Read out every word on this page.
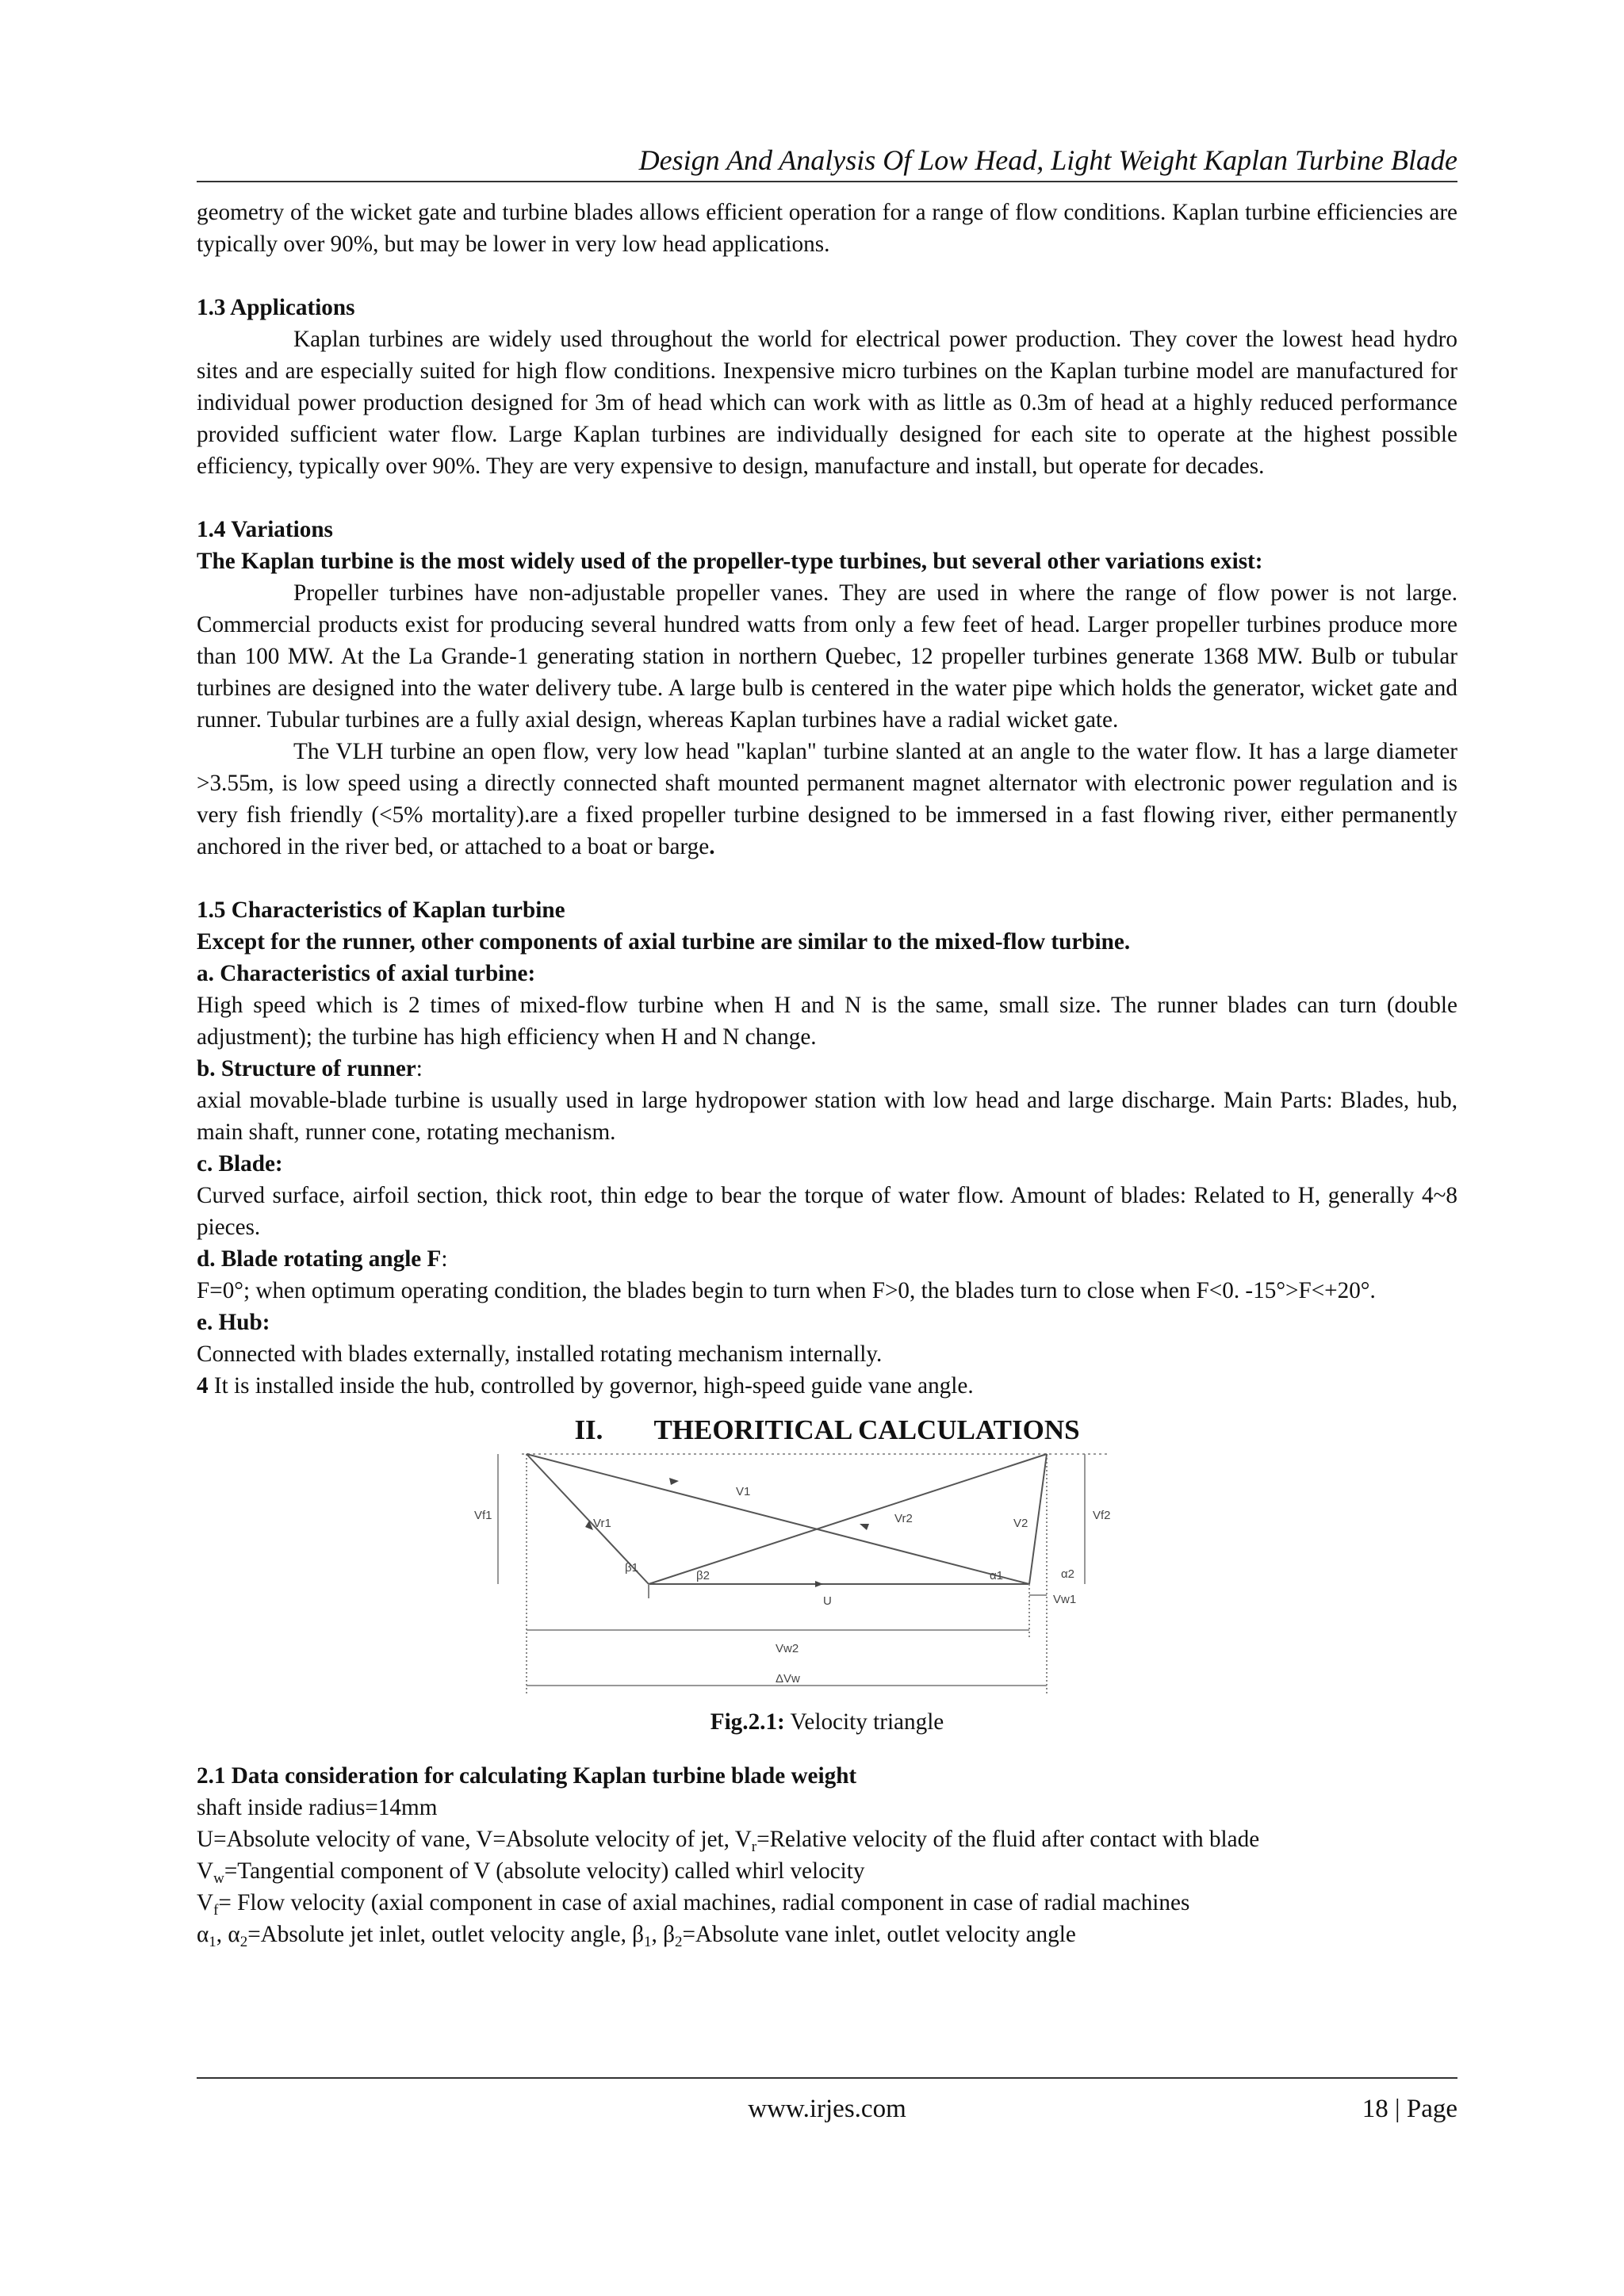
Design And Analysis Of Low Head, Light Weight Kaplan Turbine Blade

geometry of the wicket gate and turbine blades allows efficient operation for a range of flow conditions. Kaplan turbine efficiencies are typically over 90%, but may be lower in very low head applications.

1.3 Applications

Kaplan turbines are widely used throughout the world for electrical power production. They cover the lowest head hydro sites and are especially suited for high flow conditions. Inexpensive micro turbines on the Kaplan turbine model are manufactured for individual power production designed for 3m of head which can work with as little as 0.3m of head at a highly reduced performance provided sufficient water flow. Large Kaplan turbines are individually designed for each site to operate at the highest possible efficiency, typically over 90%. They are very expensive to design, manufacture and install, but operate for decades.

1.4 Variations

The Kaplan turbine is the most widely used of the propeller-type turbines, but several other variations exist:

Propeller turbines have non-adjustable propeller vanes. They are used in where the range of flow power is not large. Commercial products exist for producing several hundred watts from only a few feet of head. Larger propeller turbines produce more than 100 MW. At the La Grande-1 generating station in northern Quebec, 12 propeller turbines generate 1368 MW. Bulb or tubular turbines are designed into the water delivery tube. A large bulb is centered in the water pipe which holds the generator, wicket gate and runner. Tubular turbines are a fully axial design, whereas Kaplan turbines have a radial wicket gate.

The VLH turbine an open flow, very low head "kaplan" turbine slanted at an angle to the water flow. It has a large diameter >3.55m, is low speed using a directly connected shaft mounted permanent magnet alternator with electronic power regulation and is very fish friendly (<5% mortality).are a fixed propeller turbine designed to be immersed in a fast flowing river, either permanently anchored in the river bed, or attached to a boat or barge.

1.5 Characteristics of Kaplan turbine

Except for the runner, other components of axial turbine are similar to the mixed-flow turbine.

a. Characteristics of axial turbine:

High speed which is 2 times of mixed-flow turbine when H and N is the same, small size. The runner blades can turn (double adjustment); the turbine has high efficiency when H and N change.

b. Structure of runner:

axial movable-blade turbine is usually used in large hydropower station with low head and large discharge. Main Parts: Blades, hub, main shaft, runner cone, rotating mechanism.

c. Blade:

Curved surface, airfoil section, thick root, thin edge to bear the torque of water flow. Amount of blades: Related to H, generally 4~8 pieces.

d. Blade rotating angle F:

F=0°; when optimum operating condition, the blades begin to turn when F>0, the blades turn to close when F<0. -15°>F<+20°.

e. Hub:

Connected with blades externally, installed rotating mechanism internally.

4 It is installed inside the hub, controlled by governor, high-speed guide vane angle.

II. THEORITICAL CALCULATIONS
Vf1
Vr1
V1
Vr2	V2
Vf2
β1
β2
U
α1	α2
Vw1
Vw2
ΔVw
Fig.2.1: Velocity triangle
2.1 Data consideration for calculating Kaplan turbine blade weight

shaft inside radius=14mm

U=Absolute velocity of vane, V=Absolute velocity of jet, $V_r=Relative$ velocity of the fluid after contact with blade

$V_w=Tangential$ component of V (absolute velocity) called whirl velocity

$V_f=$ Flow velocity (axial component in case of axial machines, radial component in case of radial machines

$\alpha_1$, $\alpha_2=Absolute$ jet inlet, outlet velocity angle, $\beta_1$, $\beta_2=Absolute$ vane inlet, outlet velocity angle

www.irjes.com	18 | Page
